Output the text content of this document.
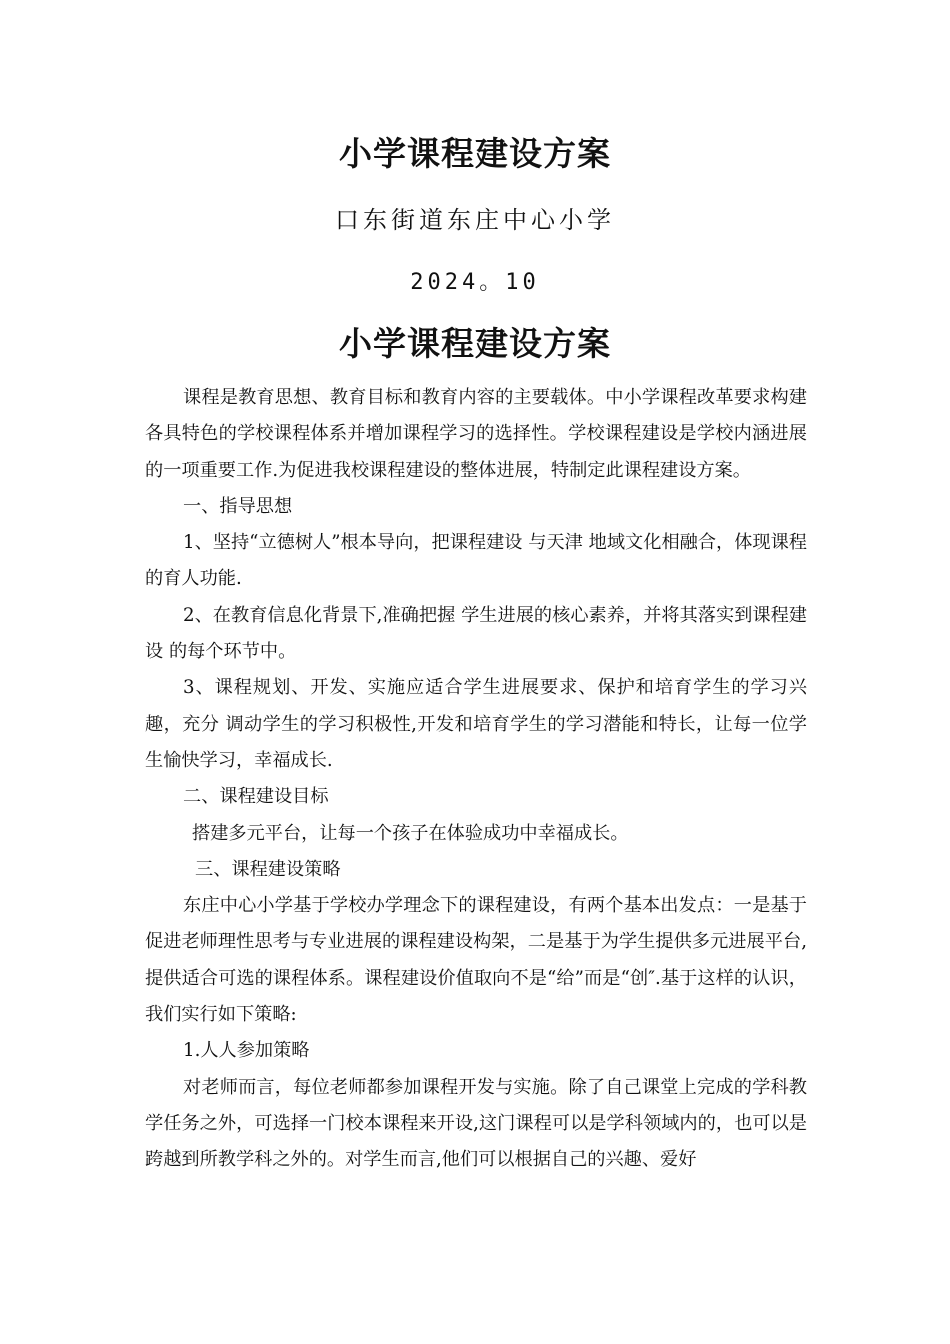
小学课程建设方案

口东街道东庄中心小学

2024。10

小学课程建设方案

课程是教育思想、教育目标和教育内容的主要载体。中小学课程改革要求构建各具特色的学校课程体系并增加课程学习的选择性。学校课程建设是学校内涵进展的一项重要工作.为促进我校课程建设的整体进展，特制定此课程建设方案。

一、指导思想

1、坚持“立德树人”根本导向，把课程建设 与天津 地域文化相融合，体现课程的育人功能.

2、在教育信息化背景下,准确把握 学生进展的核心素养，并将其落实到课程建设 的每个环节中。

3、课程规划、开发、实施应适合学生进展要求、保护和培育学生的学习兴趣，充分 调动学生的学习积极性,开发和培育学生的学习潜能和特长，让每一位学生愉快学习，幸福成长.

二、课程建设目标

搭建多元平台，让每一个孩子在体验成功中幸福成长。

三、课程建设策略

东庄中心小学基于学校办学理念下的课程建设，有两个基本出发点：一是基于促进老师理性思考与专业进展的课程建设构架，二是基于为学生提供多元进展平台,提供适合可选的课程体系。课程建设价值取向不是“给”而是“创″.基于这样的认识，我们实行如下策略:

1.人人参加策略

对老师而言，每位老师都参加课程开发与实施。除了自己课堂上完成的学科教学任务之外，可选择一门校本课程来开设,这门课程可以是学科领域内的，也可以是跨越到所教学科之外的。对学生而言,他们可以根据自己的兴趣、爱好
